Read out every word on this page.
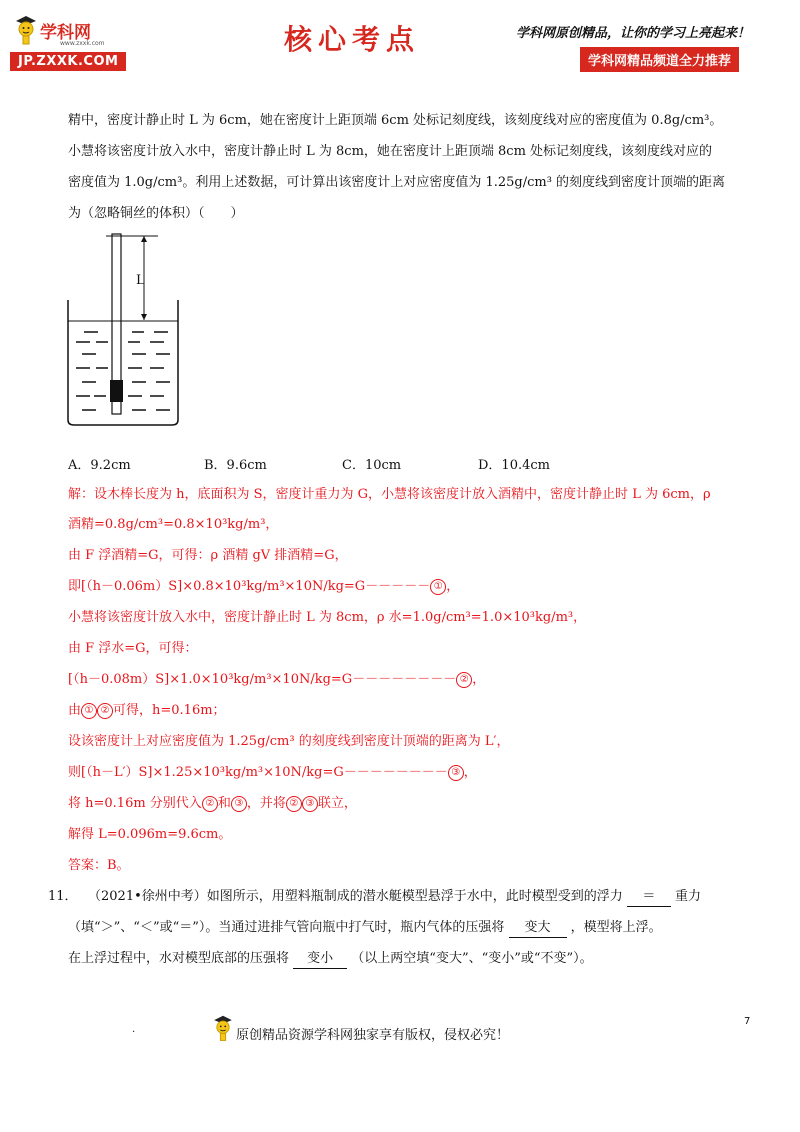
学科网
www.zxxk.com
JP.ZXXK.COM
核心考点	学科网原创精品，让你的学习上亮起来！
学科网精品频道全力推荐
精中，密度计静止时 L 为 6cm，她在密度计上距顶端 6cm 处标记刻度线，该刻度线对应的密度值为 0.8g/cm³。
小慧将该密度计放入水中，密度计静止时 L 为 8cm，她在密度计上距顶端 8cm 处标记刻度线，该刻度线对应的
密度值为 1.0g/cm³。利用上述数据，可计算出该密度计上对应密度值为 1.25g/cm³ 的刻度线到密度计顶端的距离
为（忽略铜丝的体积）（　　）
L
A．9.2cm	B．9.6cm	C．10cm	D．10.4cm
解：设木棒长度为 h，底面积为 S，密度计重力为 G，小慧将该密度计放入酒精中，密度计静止时 L 为 6cm，ρ
酒精=0.8g/cm³=0.8×10³kg/m³，
由 F 浮酒精=G，可得：ρ 酒精 gV 排酒精=G，
即[（h－0.06m）S]×0.8×10³kg/m³×10N/kg=G－－－－－ ① ，
小慧将该密度计放入水中，密度计静止时 L 为 8cm，ρ 水=1.0g/cm³=1.0×10³kg/m³，
由 F 浮水=G，可得：
[（h－0.08m）S]×1.0×10³kg/m³×10N/kg=G－－－－－－－－ ② ，
由 ① ② 可得，h=0.16m；
设该密度计上对应密度值为 1.25g/cm³ 的刻度线到密度计顶端的距离为 L′，
则[（h－L′）S]×1.25×10³kg/m³×10N/kg=G－－－－－－－－ ③ ，
将 h=0.16m 分别代入 ② 和 ③ ，并将 ② ③ 联立，
解得 L=0.096m=9.6cm。
答案：B。
11． （2021•徐州中考）如图所示，用塑料瓶制成的潜水艇模型悬浮于水中，此时模型受到的浮力 ＝ 重力
（填“＞”、“＜”或“＝”）。当通过进排气管向瓶中打气时，瓶内气体的压强将 变大 ，模型将上浮。
在上浮过程中，水对模型底部的压强将 变小 （以上两空填“变大”、“变小”或“不变”）。
7
.	原创精品资源学科网独家享有版权，侵权必究！
